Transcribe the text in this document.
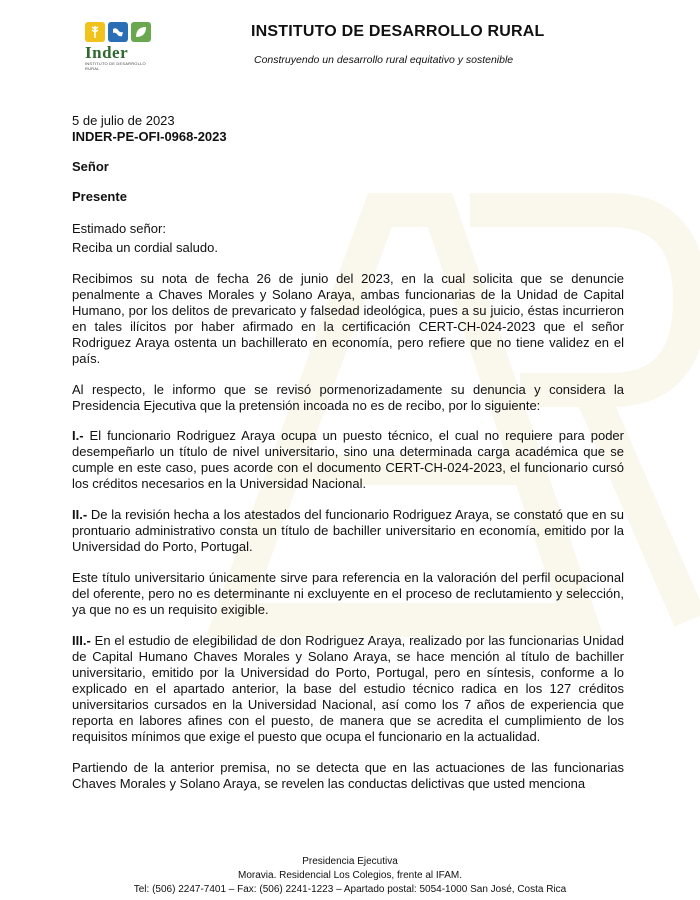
Inder
INSTITUTO DE DESARROLLO RURAL
INSTITUTO DE DESARROLLO RURAL
Construyendo un desarrollo rural equitativo y sostenible

5 de julio de 2023

INDER-PE-OFI-0968-2023

Señor

Presente

Estimado señor:

Reciba un cordial saludo.

Recibimos su nota de fecha 26 de junio del 2023, en la cual solicita que se denuncie penalmente a Chaves Morales y Solano Araya, ambas funcionarias de la Unidad de Capital Humano, por los delitos de prevaricato y falsedad ideológica, pues a su juicio, éstas incurrieron en tales ilícitos por haber afirmado en la certificación CERT-CH-024-2023 que el señor Rodriguez Araya ostenta un bachillerato en economía, pero refiere que no tiene validez en el país.

Al respecto, le informo que se revisó pormenorizadamente su denuncia y considera la Presidencia Ejecutiva que la pretensión incoada no es de recibo, por lo siguiente:

I.- El funcionario Rodriguez Araya ocupa un puesto técnico, el cual no requiere para poder desempeñarlo un título de nivel universitario, sino una determinada carga académica que se cumple en este caso, pues acorde con el documento CERT-CH-024-2023, el funcionario cursó los créditos necesarios en la Universidad Nacional.

II.- De la revisión hecha a los atestados del funcionario Rodriguez Araya, se constató que en su prontuario administrativo consta un título de bachiller universitario en economía, emitido por la Universidad do Porto, Portugal.

Este título universitario únicamente sirve para referencia en la valoración del perfil ocupacional del oferente, pero no es determinante ni excluyente en el proceso de reclutamiento y selección, ya que no es un requisito exigible.

III.- En el estudio de elegibilidad de don Rodriguez Araya, realizado por las funcionarias Unidad de Capital Humano Chaves Morales y Solano Araya, se hace mención al título de bachiller universitario, emitido por la Universidad do Porto, Portugal, pero en síntesis, conforme a lo explicado en el apartado anterior, la base del estudio técnico radica en los 127 créditos universitarios cursados en la Universidad Nacional, así como los 7 años de experiencia que reporta en labores afines con el puesto, de manera que se acredita el cumplimiento de los requisitos mínimos que exige el puesto que ocupa el funcionario en la actualidad.

Partiendo de la anterior premisa, no se detecta que en las actuaciones de las funcionarias Chaves Morales y Solano Araya, se revelen las conductas delictivas que usted menciona

Presidencia Ejecutiva
Moravia. Residencial Los Colegios, frente al IFAM.
Tel: (506) 2247-7401 – Fax: (506) 2241-1223 – Apartado postal: 5054-1000 San José, Costa Rica
